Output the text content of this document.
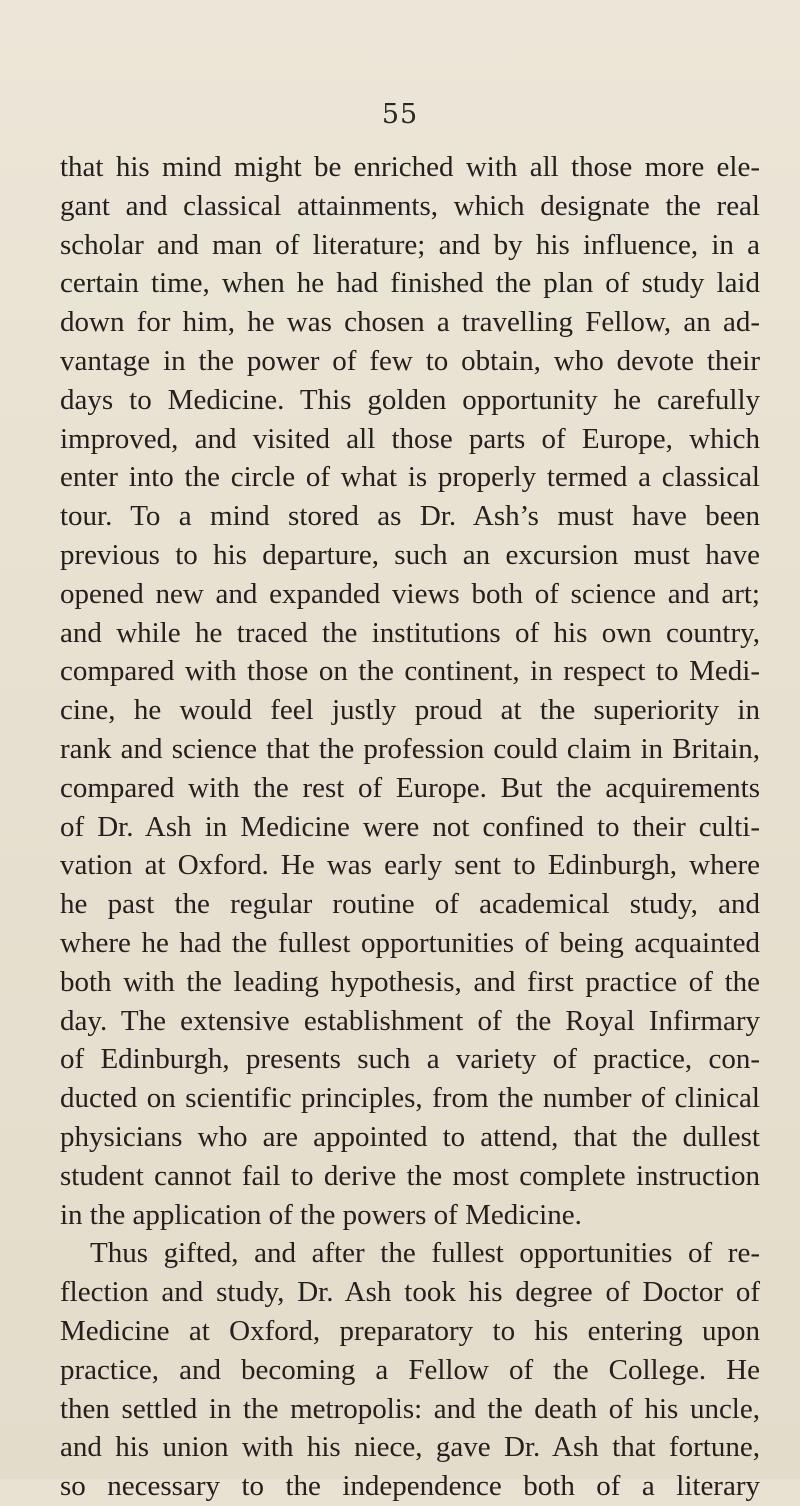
55
that his mind might be enriched with all those more ele-
gant and classical attainments, which designate the real
scholar and man of literature; and by his influence, in a
certain time, when he had finished the plan of study laid
down for him, he was chosen a travelling Fellow, an ad-
vantage in the power of few to obtain, who devote their
days to Medicine. This golden opportunity he carefully
improved, and visited all those parts of Europe, which
enter into the circle of what is properly termed a classical
tour. To a mind stored as Dr. Ash’s must have been
previous to his departure, such an excursion must have
opened new and expanded views both of science and art;
and while he traced the institutions of his own country,
compared with those on the continent, in respect to Medi-
cine, he would feel justly proud at the superiority in
rank and science that the profession could claim in Britain,
compared with the rest of Europe. But the acquirements
of Dr. Ash in Medicine were not confined to their culti-
vation at Oxford. He was early sent to Edinburgh, where
he past the regular routine of academical study, and
where he had the fullest opportunities of being acquainted
both with the leading hypothesis, and first practice of the
day. The extensive establishment of the Royal Infirmary
of Edinburgh, presents such a variety of practice, con-
ducted on scientific principles, from the number of clinical
physicians who are appointed to attend, that the dullest
student cannot fail to derive the most complete instruction
in the application of the powers of Medicine.
Thus gifted, and after the fullest opportunities of re-
flection and study, Dr. Ash took his degree of Doctor of
Medicine at Oxford, preparatory to his entering upon
practice, and becoming a Fellow of the College. He
then settled in the metropolis: and the death of his uncle,
and his union with his niece, gave Dr. Ash that fortune,
so necessary to the independence both of a literary
